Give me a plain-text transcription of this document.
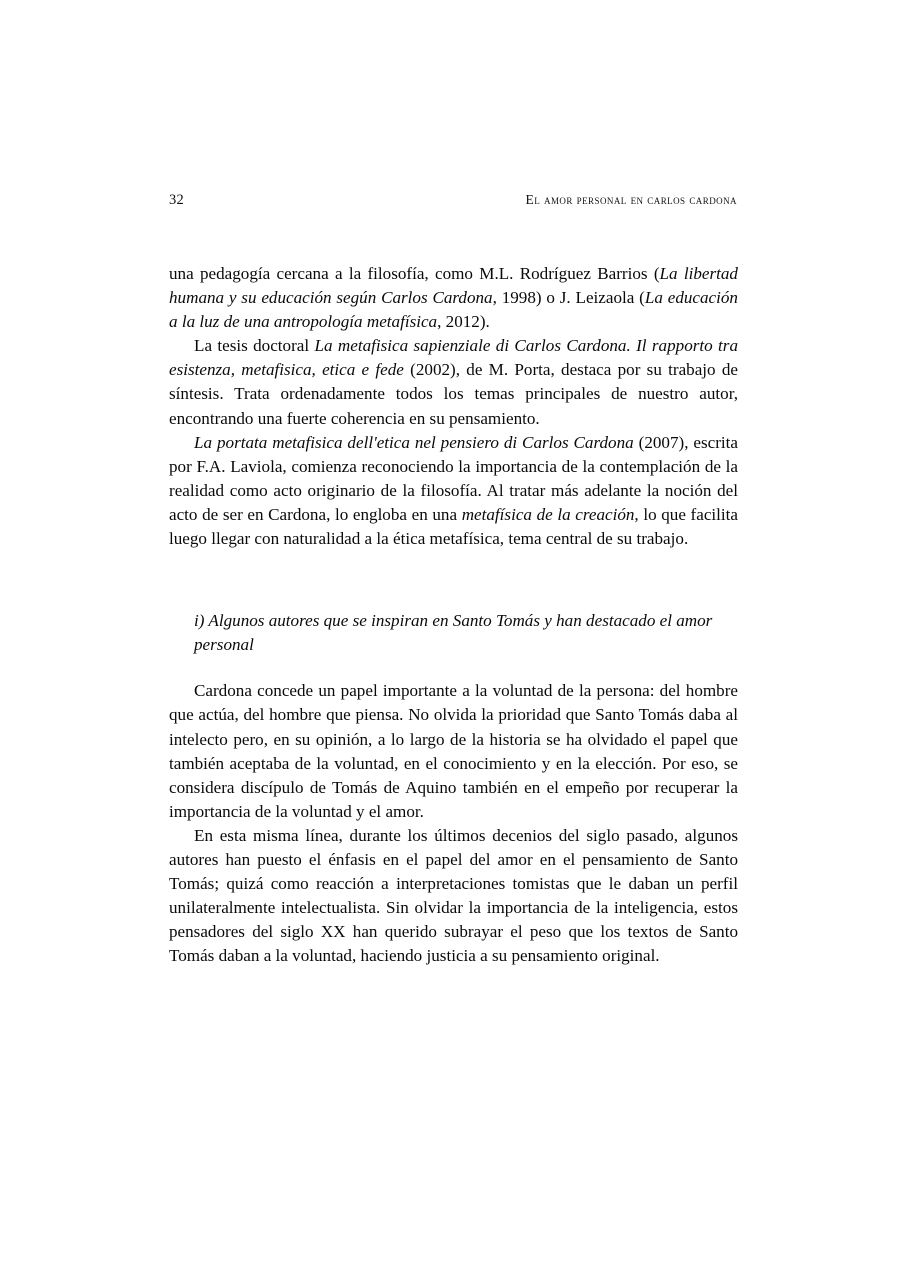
32	el amor personal en carlos cardona

una pedagogía cercana a la filosofía, como M.L. Rodríguez Barrios (La libertad humana y su educación según Carlos Cardona, 1998) o J. Leizaola (La educación a la luz de una antropología metafísica, 2012).

La tesis doctoral La metafisica sapienziale di Carlos Cardona. Il rapporto tra esistenza, metafisica, etica e fede (2002), de M. Porta, destaca por su trabajo de síntesis. Trata ordenadamente todos los temas principales de nuestro autor, encontrando una fuerte coherencia en su pensamiento.

La portata metafisica dell'etica nel pensiero di Carlos Cardona (2007), escrita por F.A. Laviola, comienza reconociendo la importancia de la contemplación de la realidad como acto originario de la filosofía. Al tratar más adelante la noción del acto de ser en Cardona, lo engloba en una metafísica de la creación, lo que facilita luego llegar con naturalidad a la ética metafísica, tema central de su trabajo.

i) Algunos autores que se inspiran en Santo Tomás y han destacado el amor personal

Cardona concede un papel importante a la voluntad de la persona: del hombre que actúa, del hombre que piensa. No olvida la prioridad que Santo Tomás daba al intelecto pero, en su opinión, a lo largo de la historia se ha olvidado el papel que también aceptaba de la voluntad, en el conocimiento y en la elección. Por eso, se considera discípulo de Tomás de Aquino también en el empeño por recuperar la importancia de la voluntad y el amor.

En esta misma línea, durante los últimos decenios del siglo pasado, algunos autores han puesto el énfasis en el papel del amor en el pensamiento de Santo Tomás; quizá como reacción a interpretaciones tomistas que le daban un perfil unilateralmente intelectualista. Sin olvidar la importancia de la inteligencia, estos pensadores del siglo XX han querido subrayar el peso que los textos de Santo Tomás daban a la voluntad, haciendo justicia a su pensamiento original.
